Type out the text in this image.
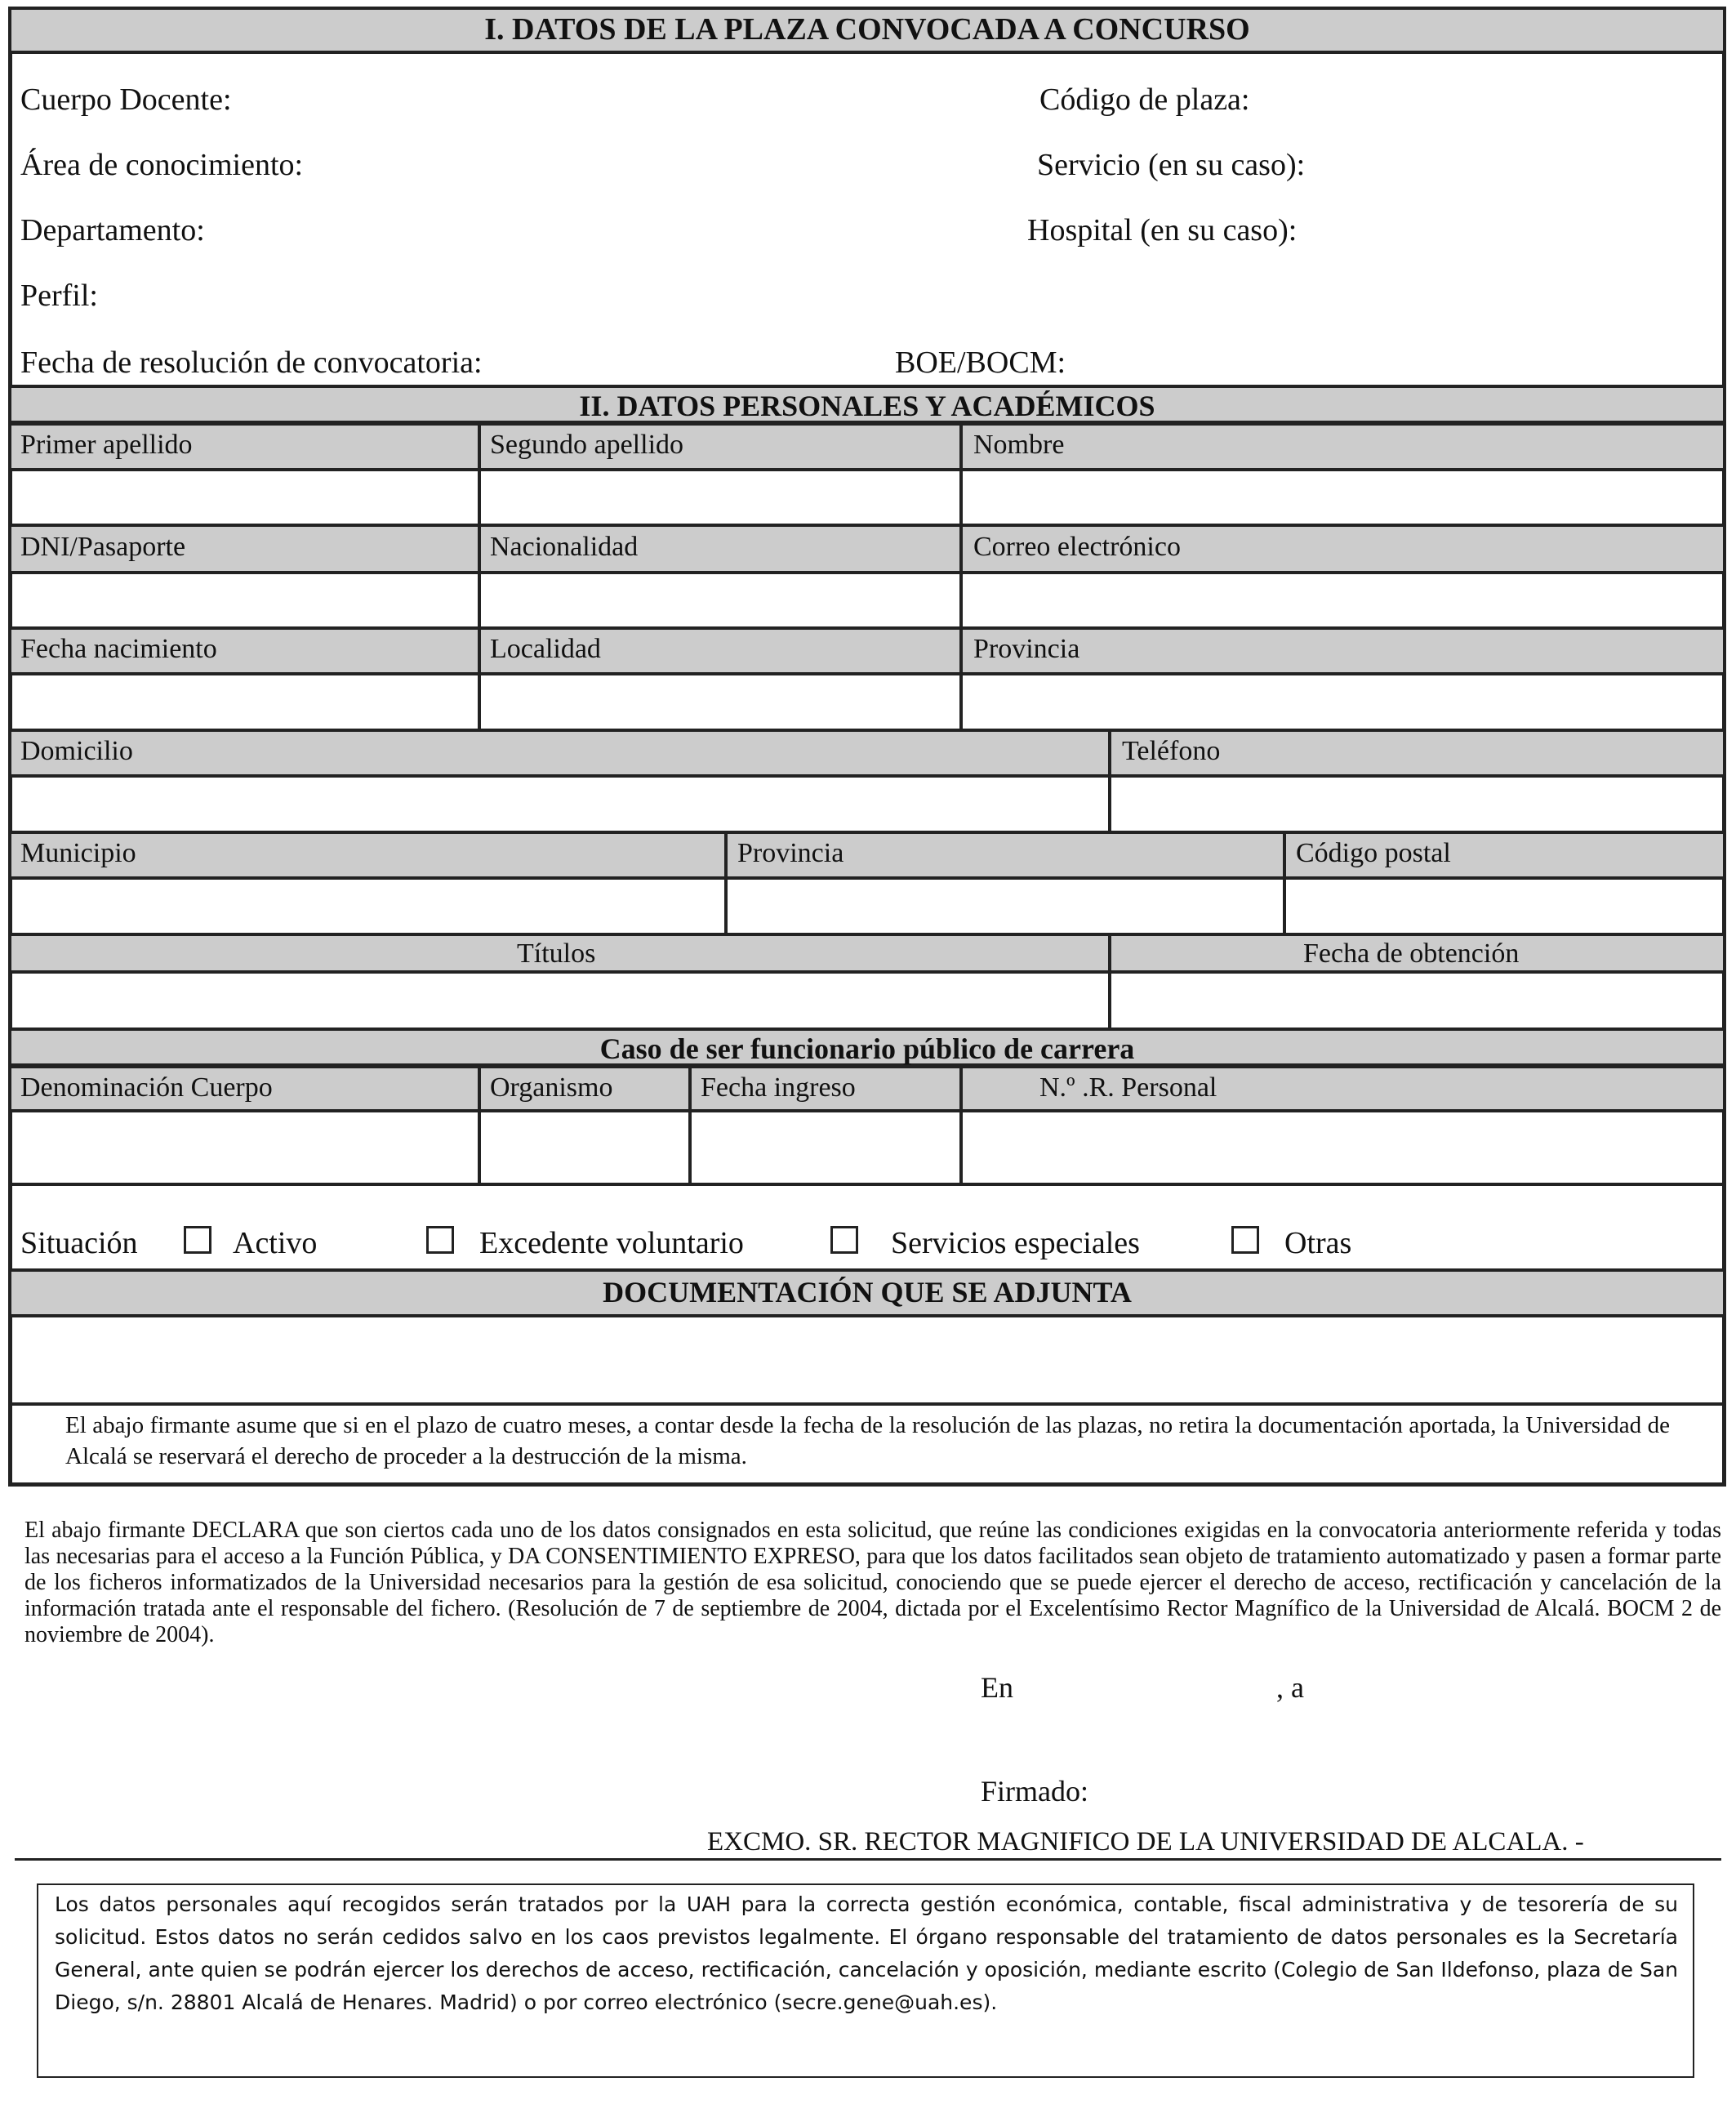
I. DATOS DE LA PLAZA CONVOCADA A CONCURSO
Cuerpo Docente:	Código de plaza:
Área de conocimiento:	Servicio (en su caso):
Departamento:	Hospital (en su caso):
Perfil:
Fecha de resolución de convocatoria:	BOE/BOCM:
II. DATOS PERSONALES Y ACADÉMICOS
Primer apellido	Segundo apellido	Nombre
DNI/Pasaporte	Nacionalidad	Correo electrónico
Fecha nacimiento	Localidad	Provincia
Domicilio	Teléfono
Municipio	Provincia	Código postal
Títulos	Fecha de obtención
Caso de ser funcionario público de carrera
Denominación Cuerpo	Organismo	Fecha ingreso	N.º .R. Personal
Situación	Activo	Excedente voluntario	Servicios especiales	Otras
DOCUMENTACIÓN QUE SE ADJUNTA
El abajo firmante asume que si en el plazo de cuatro meses, a contar desde la fecha de la resolución de las plazas, no retira la documentación aportada, la Universidad de Alcalá se reservará el derecho de proceder a la destrucción de la misma.
El abajo firmante DECLARA que son ciertos cada uno de los datos consignados en esta solicitud, que reúne las condiciones exigidas en la convocatoria anteriormente referida y todas las necesarias para el acceso a la Función Pública, y DA CONSENTIMIENTO EXPRESO, para que los datos facilitados sean objeto de tratamiento automatizado y pasen a formar parte de los ficheros informatizados de la Universidad necesarios para la gestión de esa solicitud, conociendo que se puede ejercer el derecho de acceso, rectificación y cancelación de la información tratada ante el responsable del fichero. (Resolución de 7 de septiembre de 2004, dictada por el Excelentísimo Rector Magnífico de la Universidad de Alcalá. BOCM 2 de noviembre de 2004).
En	, a
Firmado:
EXCMO. SR. RECTOR MAGNIFICO DE LA UNIVERSIDAD DE ALCALA. -
Los datos personales aquí recogidos serán tratados por la UAH para la correcta gestión económica, contable, fiscal administrativa y de tesorería de su solicitud. Estos datos no serán cedidos salvo en los caos previstos legalmente. El órgano responsable del tratamiento de datos personales es la Secretaría General, ante quien se podrán ejercer los derechos de acceso, rectificación, cancelación y oposición, mediante escrito (Colegio de San Ildefonso, plaza de San Diego, s/n. 28801 Alcalá de Henares. Madrid) o por correo electrónico (secre.gene@uah.es).
